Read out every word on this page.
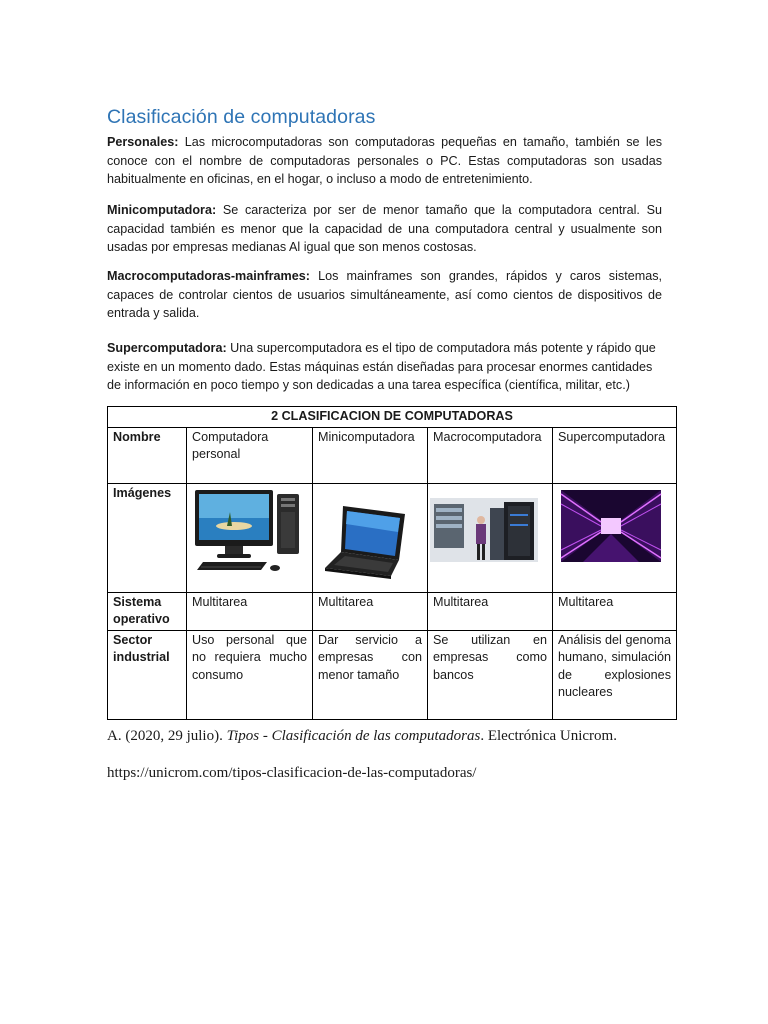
Clasificación de computadoras
Personales: Las microcomputadoras son computadoras pequeñas en tamaño, también se les conoce con el nombre de computadoras personales o PC. Estas computadoras son usadas habitualmente en oficinas, en el hogar, o incluso a modo de entretenimiento.
Minicomputadora: Se caracteriza por ser de menor tamaño que la computadora central. Su capacidad también es menor que la capacidad de una computadora central y usualmente son usadas por empresas medianas Al igual que son menos costosas.
Macrocomputadoras-mainframes: Los mainframes son grandes, rápidos y caros sistemas, capaces de controlar cientos de usuarios simultáneamente, así como cientos de dispositivos de entrada y salida.
Supercomputadora: Una supercomputadora es el tipo de computadora más potente y rápido que existe en un momento dado. Estas máquinas están diseñadas para procesar enormes cantidades de información en poco tiempo y son dedicadas a una tarea específica (científica, militar, etc.)
2 CLASIFICACION DE COMPUTADORAS				
Nombre	Computadora personal	Minicomputadora	Macrocomputadora	Supercomputadora
Imágenes	

Sistema operativo	Multitarea	Multitarea	Multitarea	Multitarea
Sector industrial	Uso personal que no requiera mucho consumo	Dar servicio a empresas con menor tamaño	Se utilizan en empresas como bancos	Análisis del genoma humano, simulación de explosiones nucleares
A. (2020, 29 julio). Tipos - Clasificación de las computadoras. Electrónica Unicrom.
https://unicrom.com/tipos-clasificacion-de-las-computadoras/
